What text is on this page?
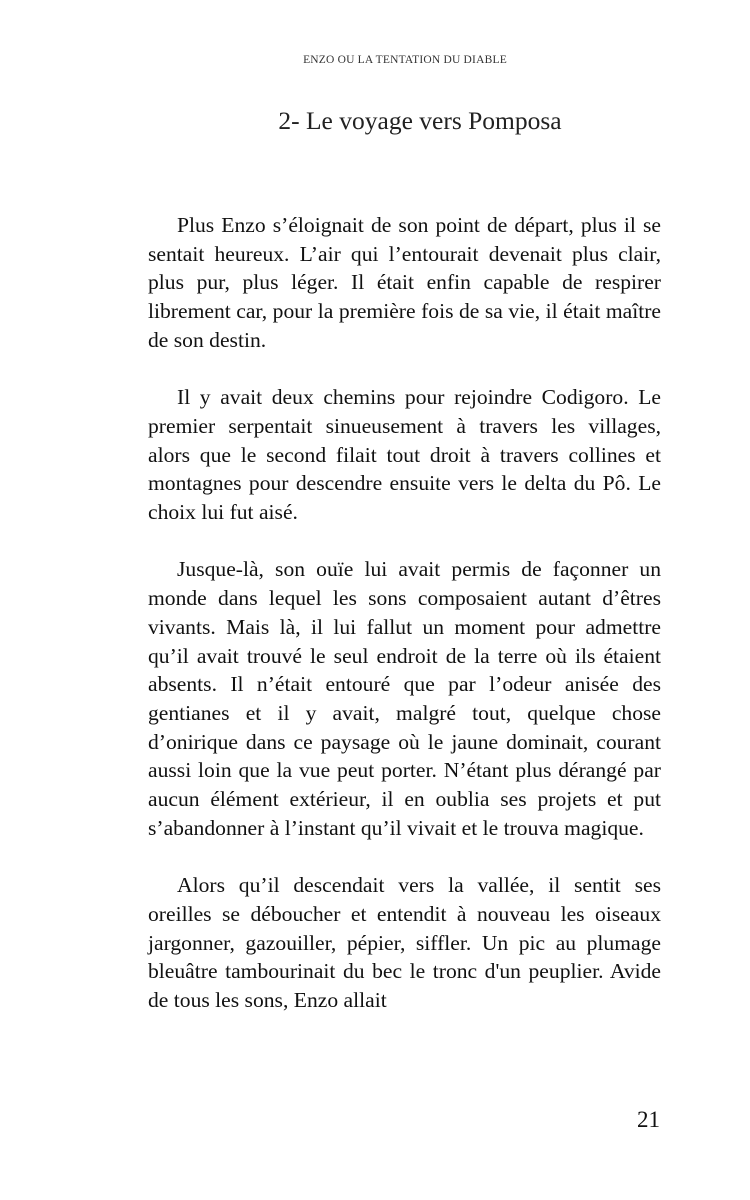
ENZO OU LA TENTATION DU DIABLE
2- Le voyage vers Pomposa

Plus Enzo s’éloignait de son point de départ, plus il se sentait heureux. L’air qui l’entourait devenait plus clair, plus pur, plus léger. Il était enfin capable de respirer librement car, pour la première fois de sa vie, il était maître de son destin.

Il y avait deux chemins pour rejoindre Codigoro. Le premier serpentait sinueusement à travers les villages, alors que le second filait tout droit à travers collines et montagnes pour descendre ensuite vers le delta du Pô. Le choix lui fut aisé.

Jusque-là, son ouïe lui avait permis de façonner un monde dans lequel les sons composaient autant d’êtres vivants. Mais là, il lui fallut un moment pour admettre qu’il avait trouvé le seul endroit de la terre où ils étaient absents. Il n’était entouré que par l’odeur anisée des gentianes et il y avait, malgré tout, quelque chose d’onirique dans ce paysage où le jaune dominait, courant aussi loin que la vue peut porter. N’étant plus dérangé par aucun élément extérieur, il en oublia ses projets et put s’abandonner à l’instant qu’il vivait et le trouva magique.

Alors qu’il descendait vers la vallée, il sentit ses oreilles se déboucher et entendit à nouveau les oiseaux jargonner, gazouiller, pépier, siffler. Un pic au plumage bleuâtre tambourinait du bec le tronc d'un peuplier. Avide de tous les sons, Enzo allait

21
